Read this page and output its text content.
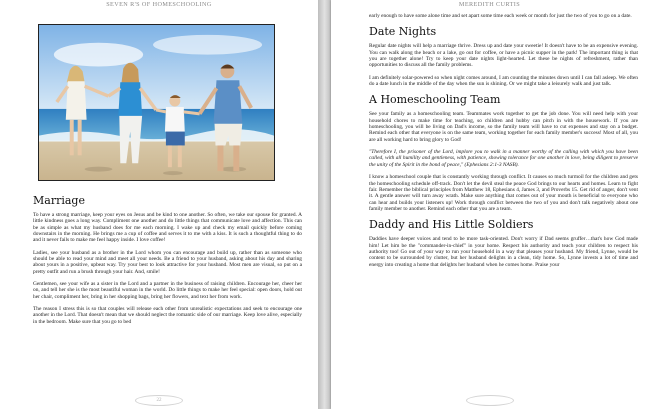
SEVEN R'S OF HOMESCHOOLING
Marriage

To have a strong marriage, keep your eyes on Jesus and be kind to one another. So often, we take our spouse for granted. A little kindness goes a long way. Compliment one another and do little things that communicate love and affection. This can be as simple as what my husband does for me each morning. I wake up and check my email quickly before coming downstairs in the morning. He brings me a cup of coffee and serves it to me with a kiss. It is such a thoughtful thing to do and it never fails to make me feel happy inside. I love coffee!

Ladies, see your husband as a brother in the Lord whom you can encourage and build up, rather than as someone who should be able to read your mind and meet all your needs. Be a friend to your husband, asking about his day and sharing about yours in a positive, upbeat way. Try your best to look attractive for your husband. Most men are visual, so put on a pretty outfit and run a brush through your hair. And, smile!

Gentlemen, see your wife as a sister in the Lord and a partner in the business of raising children. Encourage her, cheer her on, and tell her she is the most beautiful woman in the world. Do little things to make her feel special: open doors, hold out her chair, compliment her, bring in her shopping bags, bring her flowers, and text her from work.

The reason I stress this is so that couples will release each other from unrealistic expectations and seek to encourage one another in the Lord. That doesn't mean that we should neglect the romantic side of our marriage. Keep love alive, especially in the bedroom. Make sure that you go to bed

22
MEREDITH CURTIS

early enough to have some alone time and set apart some time each week or month for just the two of you to go on a date.

Date Nights

Regular date nights will help a marriage thrive. Dress up and date your sweetie! It doesn't have to be an expensive evening. You can walk along the beach or a lake, go out for coffee, or have a picnic supper in the park! The important thing is that you are together alone! Try to keep your date nights light-hearted. Let these be nights of refreshment, rather than opportunities to discuss all the family problems.

I am definitely solar-powered so when night comes around, I am counting the minutes down until I can fall asleep. We often do a date lunch in the middle of the day when the sun is shining. Or we might take a leisurely walk and just talk.

A Homeschooling Team

See your family as a homeschooling team. Teammates work together to get the job done. You will need help with your household chores to make time for teaching, so children and hubby can pitch in with the housework. If you are homeschooling, you will be living on Dad's income, so the family team will have to cut expenses and stay on a budget. Remind each other that everyone is on the same team, working together for each family member's success! Most of all, you are all working hard to bring glory to God!

"Therefore I, the prisoner of the Lord, implore you to walk in a manner worthy of the calling with which you have been called, with all humility and gentleness, with patience, showing tolerance for one another in love, being diligent to preserve the unity of the Spirit in the bond of peace," (Ephesians 2:1-3 NASB).

I know a homeschool couple that is constantly working through conflict. It causes so much turmoil for the children and gets the homeschooling schedule off-track. Don't let the devil steal the peace God brings to our hearts and homes. Learn to fight fair. Remember the biblical principles from Matthew 18, Ephesians 4, James 3, and Proverbs 15. Get rid of anger, don't vent it. A gentle answer will turn away wrath. Make sure anything that comes out of your mouth is beneficial to everyone who can hear and builds your listeners up! Work through conflict between the two of you and don't talk negatively about one family member to another. Remind each other that you are a team.

Daddy and His Little Soldiers

Daddies have deeper voices and tend to be more task-oriented. Don't worry if Dad seems gruffer…that's how God made him! Let him be the "commander-in-chief" in your home. Respect his authority and teach your children to respect his authority too! Go out of your way to run your household in a way that pleases your husband. My friend, Lynne, would be content to be surrounded by clutter, but her husband delights in a clean, tidy home. So, Lynne invests a lot of time and energy into creating a home that delights her husband when he comes home. Praise your
